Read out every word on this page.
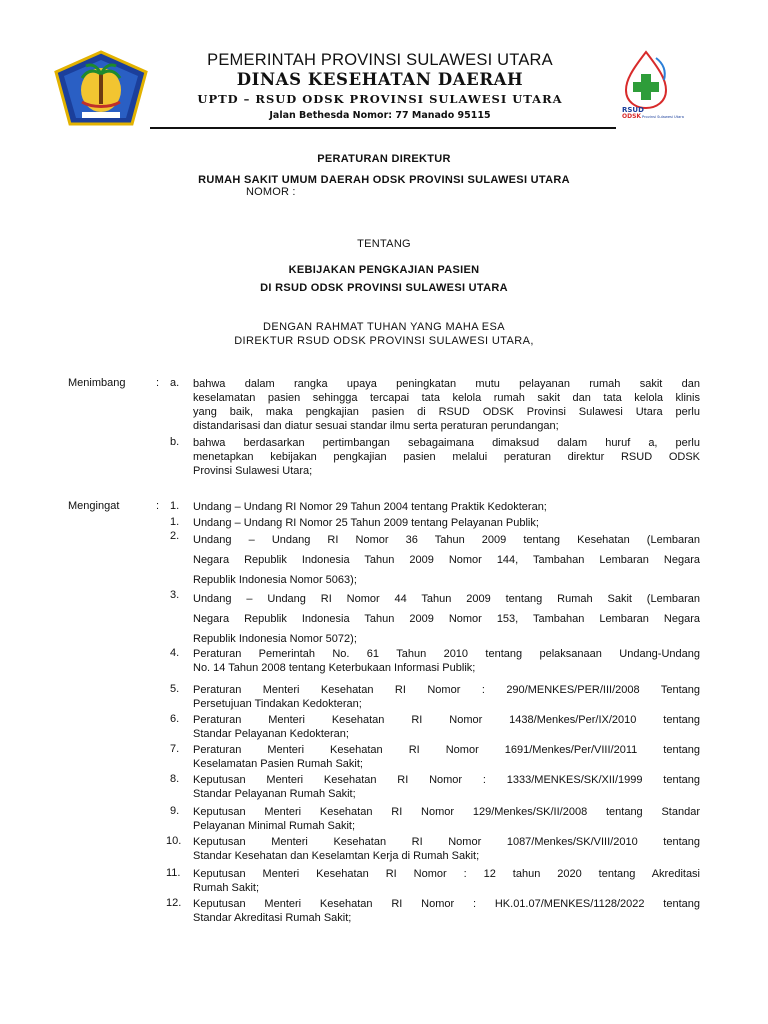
PEMERINTAH PROVINSI SULAWESI UTARA
DINAS KESEHATAN DAERAH
UPTD – RSUD ODSK PROVINSI SULAWESI UTARA
Jalan Bethesda Nomor: 77 Manado 95115	RSUD
ODSK Provinsi Sulawesi Utara
PERATURAN DIREKTUR
RUMAH SAKIT UMUM DAERAH ODSK PROVINSI SULAWESI UTARA
NOMOR :
TENTANG
KEBIJAKAN PENGKAJIAN PASIEN
DI RSUD ODSK PROVINSI SULAWESI UTARA
DENGAN RAHMAT TUHAN YANG MAHA ESA
DIREKTUR RSUD ODSK PROVINSI SULAWESI UTARA,
Menimbang	: a. bahwa dalam rangka upaya peningkatan mutu pelayanan rumah sakit dan
keselamatan pasien sehingga tercapai tata kelola rumah sakit dan tata kelola klinis
yang baik, maka pengkajian pasien di RSUD ODSK Provinsi Sulawesi Utara perlu
distandarisasi dan diatur sesuai standar ilmu serta peraturan perundangan;
b. bahwa berdasarkan pertimbangan sebagaimana dimaksud dalam huruf a, perlu
menetapkan kebijakan pengkajian pasien melalui peraturan direktur RSUD ODSK
Provinsi Sulawesi Utara;
Mengingat	: 1. Undang – Undang RI Nomor 29 Tahun 2004 tentang Praktik Kedokteran;
1. Undang – Undang RI Nomor 25 Tahun 2009 tentang Pelayanan Publik;
2. Undang – Undang RI Nomor 36 Tahun 2009 tentang Kesehatan (Lembaran
Negara Republik Indonesia Tahun 2009 Nomor 144, Tambahan Lembaran Negara
Republik Indonesia Nomor 5063);
3. Undang – Undang RI Nomor 44 Tahun 2009 tentang Rumah Sakit (Lembaran
Negara Republik Indonesia Tahun 2009 Nomor 153, Tambahan Lembaran Negara
Republik Indonesia Nomor 5072);
4. Peraturan Pemerintah No. 61 Tahun 2010 tentang pelaksanaan Undang-Undang
No. 14 Tahun 2008 tentang Keterbukaan Informasi Publik;
5. Peraturan Menteri Kesehatan RI Nomor : 290/MENKES/PER/III/2008 Tentang
Persetujuan Tindakan Kedokteran;
6. Peraturan Menteri Kesehatan RI Nomor 1438/Menkes/Per/IX/2010 tentang
Standar Pelayanan Kedokteran;
7. Peraturan Menteri Kesehatan RI Nomor 1691/Menkes/Per/VIII/2011 tentang
Keselamatan Pasien Rumah Sakit;
8. Keputusan Menteri Kesehatan RI Nomor : 1333/MENKES/SK/XII/1999 tentang
Standar Pelayanan Rumah Sakit;
9. Keputusan Menteri Kesehatan RI Nomor 129/Menkes/SK/II/2008 tentang Standar
Pelayanan Minimal Rumah Sakit;
10. Keputusan Menteri Kesehatan RI Nomor 1087/Menkes/SK/VIII/2010 tentang
Standar Kesehatan dan Keselamtan Kerja di Rumah Sakit;
11. Keputusan Menteri Kesehatan RI Nomor : 12 tahun 2020 tentang Akreditasi
Rumah Sakit;
12. Keputusan Menteri Kesehatan RI Nomor : HK.01.07/MENKES/1128/2022 tentang
Standar Akreditasi Rumah Sakit;
